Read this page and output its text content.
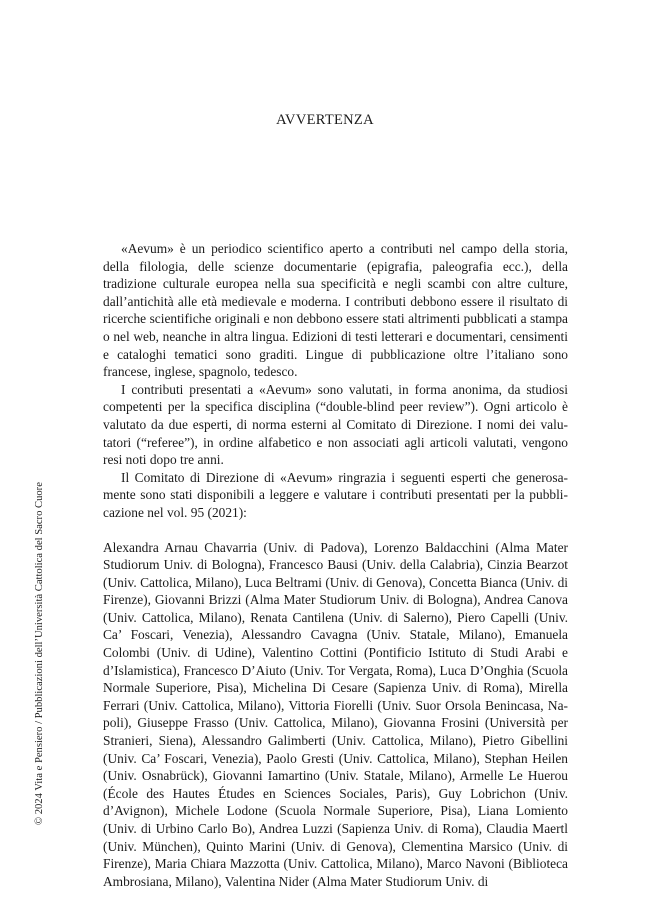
AVVERTENZA

«Aevum» è un periodico scientifico aperto a contributi nel campo della storia, della filologia, delle scienze documentarie (epigrafia, paleografia ecc.), della tradizione culturale europea nella sua specificità e negli scambi con altre culture, dall’antichità alle età medievale e moderna. I contributi debbono essere il risultato di ricerche scientifiche originali e non debbono essere stati altrimenti pubblicati a stampa o nel web, neanche in altra lingua. Edizioni di testi letterari e documentari, censimenti e cataloghi tematici sono graditi. Lingue di pubblicazione oltre l’italiano sono francese, inglese, spagnolo, tedesco.

I contributi presentati a «Aevum» sono valutati, in forma anonima, da studiosi competenti per la specifica disciplina (“double-blind peer review”). Ogni articolo è valutato da due esperti, di norma esterni al Comitato di Direzione. I nomi dei valutatori (“referee”), in ordine alfabetico e non associati agli articoli valutati, vengono resi noti dopo tre anni.

Il Comitato di Direzione di «Aevum» ringrazia i seguenti esperti che generosamente sono stati disponibili a leggere e valutare i contributi presentati per la pubblicazione nel vol. 95 (2021):

Alexandra Arnau Chavarria (Univ. di Padova), Lorenzo Baldacchini (Alma Mater Studiorum Univ. di Bologna), Francesco Bausi (Univ. della Calabria), Cinzia Bearzot (Univ. Cattolica, Milano), Luca Beltrami (Univ. di Genova), Concetta Bianca (Univ. di Firenze), Giovanni Brizzi (Alma Mater Studiorum Univ. di Bologna), Andrea Canova (Univ. Cattolica, Milano), Renata Cantilena (Univ. di Salerno), Piero Capelli (Univ. Ca’ Foscari, Venezia), Alessandro Cavagna (Univ. Statale, Milano), Emanuela Colombi (Univ. di Udine), Valentino Cottini (Pontificio Istituto di Studi Arabi e d’Islamistica), Francesco D’Aiuto (Univ. Tor Vergata, Roma), Luca D’Onghia (Scuola Normale Superiore, Pisa), Michelina Di Cesare (Sapienza Univ. di Roma), Mirella Ferrari (Univ. Cattolica, Milano), Vittoria Fiorelli (Univ. Suor Orsola Benincasa, Napoli), Giuseppe Frasso (Univ. Cattolica, Milano), Giovanna Frosini (Università per Stranieri, Siena), Alessandro Galimberti (Univ. Cattolica, Milano), Pietro Gibellini (Univ. Ca’ Foscari, Venezia), Paolo Gresti (Univ. Cattolica, Milano), Stephan Heilen (Univ. Osnabrück), Giovanni Iamartino (Univ. Statale, Milano), Armelle Le Huerou (École des Hautes Études en Sciences Sociales, Paris), Guy Lobrichon (Univ. d’Avignon), Michele Lodone (Scuola Normale Superiore, Pisa), Liana Lomiento (Univ. di Urbino Carlo Bo), Andrea Luzzi (Sapienza Univ. di Roma), Claudia Maertl (Univ. München), Quinto Marini (Univ. di Genova), Clementina Marsico (Univ. di Firenze), Maria Chiara Mazzotta (Univ. Cattolica, Milano), Marco Navoni (Biblioteca Ambrosiana, Milano), Valentina Nider (Alma Mater Studiorum Univ. di

© 2024 Vita e Pensiero / Pubblicazioni dell’Università Cattolica del Sacro Cuore
